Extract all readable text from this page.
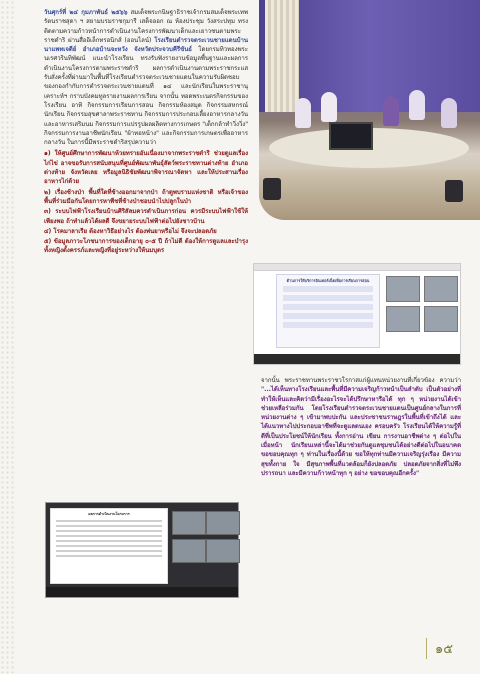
วันศุกร์ที่ ๒๔ กุมภาพันธ์ ๒๕๖๖ สมเด็จพระกนิษฐาธิราชเจ้ากรมสมเด็จพระเทพรัตนราชสุดา ฯ สยามบรมราชกุมารี เสด็จออก ณ ห้องประชุม วังสระปทุม ทรงติดตามความก้าวหน้าการดำเนินงานโครงการพัฒนาเด็กและเยาวชนตามพระราชดำริ ผ่านสื่ออิเล็กทรอนิกส์ (ออนไลน์) โรงเรียนตำรวจตระเวนชายแดนบ้านนาแพทเจดีย์ อำเภอบ้านจะหวัง จังหวัดประจวบคีรีขันธ์ โดยกรมทิวทองพระนเรศวรินทิพัฒน์ แนะนำโรงเรียน ทรงรับฟังรายงานข้อมูลพื้นฐานและผลการดำเนินงานโครงการตามพระราชดำริ ผลการดำเนินงานตามพระราชกระแสรับสั่งครั้งที่ผ่านมาในพื้นที่โรงเรียนตำรวจตระเวนชายแดนในความรับผิดชอบของกองกำกับการตำรวจตระเวนชายแดนที่ ๑๔ และนักเรียนในพระราชานุเคราะห์ฯ กราบบังคมทูลรายงานผลการเรียน จากนั้น ทอดพระเนตรกิจกรรมของโรงเรียน อาทิ กิจกรรมการเรียนการสอน กิจกรรมห้องสมุด กิจกรรมสหกรณ์นักเรียน กิจกรรมสุขศาลาพระราชทาน กิจกรรมการประกอบเลี้ยงอาหารกลางวันและอาหารเสริมนม กิจกรรมการแปรรูปผลผลิตทางการเกษตร "เด็กกล้าทำวิ่งวิ่ง" กิจกรรมการงานอาชีพนักเรียน "ผ้าทอหน้าง" และกิจกรรมการเกษตรเพื่ออาหารกลางวัน ในการนี้มีพระราชดำริสรุปความว่า

๑) ให้ศูนย์ศึกษาการพัฒนาห้วยทรายอันเนื่องมาจากพระราชดำริ ช่วยดูแลเรื่องไก่ไข่ อาจขอรับการสนับสนุนที่ศูนย์พัฒนาพันธุ์สัตว์พระราชทานต่างท้าย อำเภอต่างท้าย จังหวัดเลย หรือมูลนิธิชัยพัฒนาพิจารณาจัดหา และให้ประสานเรื่องอาหารไก่ด้วย

๒) เรื่องช้างป่า พื้นที่ใดที่ช้างออกมาจากป่า ถ้าดูพบรามแห่งชาติ หรือเจ้าของพื้นที่ร่วมมือกันโดยการหาพืชที่ช้างป่าชอบนำไปปลูกในป่า

๓) ระบบไฟฟ้าโรงเรียนบ้านศิริสัลมควรดำเนินการก่อน ควรมีระบบไฟฟ้าใช้ให้เพียงพอ ถ้าทำแล้วได้ผลดี จึงขยายระบบไฟฟ้าต่อไปยังชาวบ้าน

๔) โรคมาลาเรีย ต้องหาวิธีอย่างไร ต้องพ่นยาหรือไม่ จึงจะปลอดภัย

๕) ข้อมูลภาวะโภชนาการของเด็กอายุ ๐-๕ ปี ถ้าไม่ดี ต้องให้การดูแลและบำรุงทั้งหญิงตั้งครรภ์และหญิงที่อยู่ระหว่างให้นมบุตร

ด้านการให้บริการอินเทอร์เน็ตเพื่อการเรียนการสอน

จากนั้น พระราชทานพระราชวโรกาสแก่ผู้แทนหน่วยงานที่เกี่ยวข้อง ความว่า "...ได้เห็นทางโรงเรียนและพื้นที่มีความเจริญก้าวหน้าเป็นลำดับ เป็นตัวอย่างที่ทำให้เห็นและคิดว่ามีเรื่องอะไรจะได้ปรึกษาหารือได้ ทุก ๆ หน่วยงานได้เข้าช่วยเหลือร่วมกัน โดยโรงเรียนตำรวจตระเวนชายแดนเป็นศูนย์กลางในการที่หน่วยงานต่าง ๆ เข้ามาพบปะกัน และประชาชนราษฎรในพื้นที่เข้าถึงได้ และได้แนวทางไปประกอบอาชีพที่จะดูแลตนเอง ครอบครัว โรงเรียนได้ให้ความรู้ที่ดีที่เป็นประโยชน์ให้นักเรียน ทั้งการอ่าน เขียน การงานอาชีพต่าง ๆ ต่อไปในเมื่อหน้า นักเรียนเหล่านี้จะได้มาช่วยกันดูแลชุมชนได้อย่างดีต่อไปในอนาคต ขอขอบคุณทุก ๆ ท่านในเรื่องนี้ด้วย ขอให้ทุกท่านมีความเจริญรุ่งเรือง มีความสุขทั้งกาย ใจ มีสุขภาพพื้นที่แวดล้อมก็ยังปลอดภัย ปลอดภัยจากสิ่งที่ไม่พึงปรารถนา และมีความก้าวหน้าทุก ๆ อย่าง ขอขอบคุณอีกครั้ง"

ผลการดำเนินงานโครงการ
๑๕
